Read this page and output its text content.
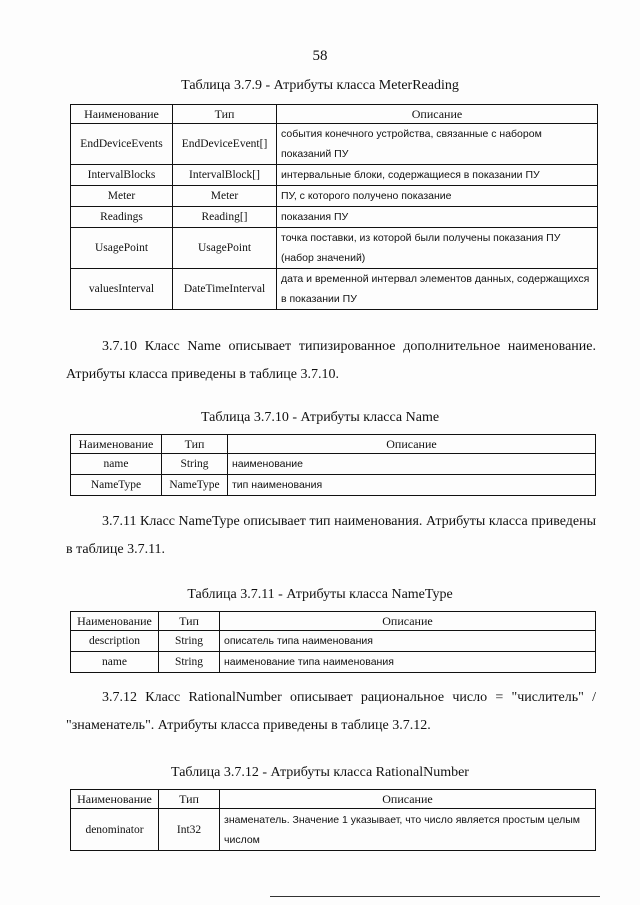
58
Таблица 3.7.9 - Атрибуты класса MeterReading
Наименование	Тип	Описание
EndDeviceEvents	EndDeviceEvent[]	события конечного устройства, связанные с набором показаний ПУ
IntervalBlocks	IntervalBlock[]	интервальные блоки, содержащиеся в показании ПУ
Meter	Meter	ПУ, с которого получено показание
Readings	Reading[]	показания ПУ
UsagePoint	UsagePoint	точка поставки, из которой были получены показания ПУ (набор значений)
valuesInterval	DateTimeInterval	дата и временной интервал элементов данных, содержащихся в показании ПУ
3.7.10 Класс Name описывает типизированное дополнительное наименование. Атрибуты класса приведены в таблице 3.7.10.
Таблица 3.7.10 - Атрибуты класса Name
Наименование	Тип	Описание
name	String	наименование
NameType	NameType	тип наименования
3.7.11 Класс NameType описывает тип наименования. Атрибуты класса приведены в таблице 3.7.11.
Таблица 3.7.11 - Атрибуты класса NameType
Наименование	Тип	Описание
description	String	описатель типа наименования
name	String	наименование типа наименования
3.7.12 Класс RationalNumber описывает рациональное число = "числитель" / "знаменатель". Атрибуты класса приведены в таблице 3.7.12.
Таблица 3.7.12 - Атрибуты класса RationalNumber
Наименование	Тип	Описание
denominator	Int32	знаменатель. Значение 1 указывает, что число является простым целым числом
